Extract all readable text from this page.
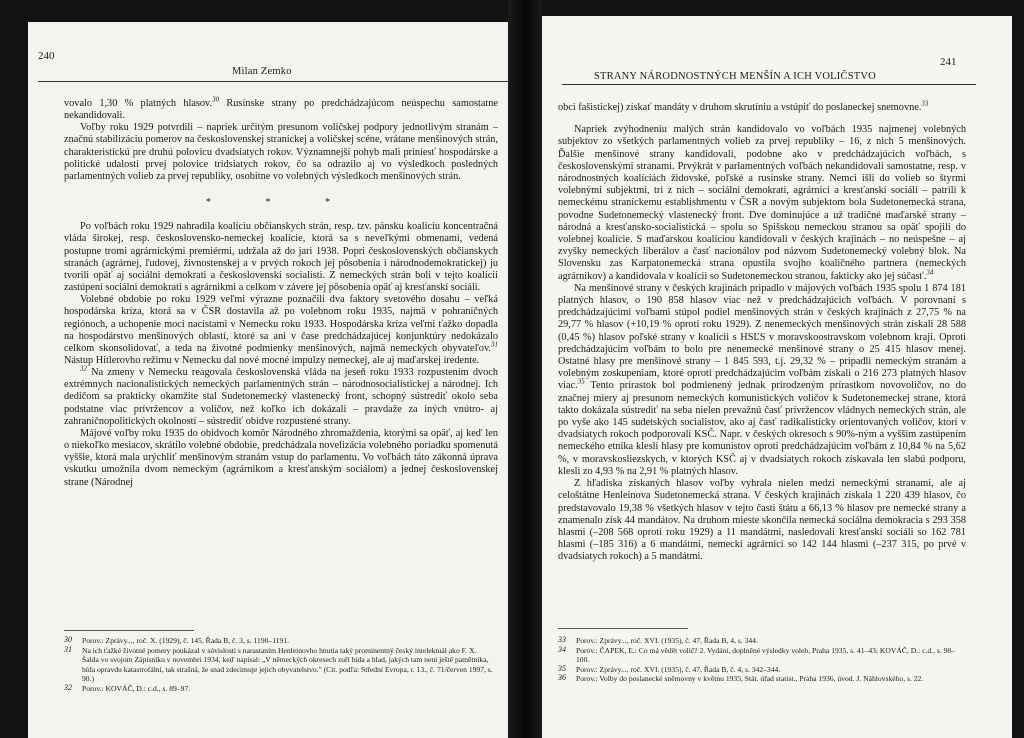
240
Milan Zemko

vovalo 1,30 % platných hlasov.$^{30}$ Rusínske strany po predchádzajúcom neúspechu samostatne nekandidovali.

Voľby roku 1929 potvrdili – napriek určitým presunom voličskej podpory jednotlivým stranám – značnú stabilizáciu pomerov na československej straníckej a voličskej scéne, vrátane menšinových strán, charakteristickú pre druhú polovicu dvadsiatych rokov. Významnejší pohyb mali priniesť hospodárske a politické udalosti prvej polovice tridsiatych rokov, čo sa odrazilo aj vo výsledkoch posledných parlamentných volieb za prvej republiky, osobitne vo volebných výsledkoch menšinových strán.

* * *

Po voľbách roku 1929 nahradila koalíciu občianskych strán, resp. tzv. pánsku koalíciu koncentračná vláda širokej, resp. československo-nemeckej koalície, ktorá sa s neveľkými obmenami, vedená postupne tromi agrárnickými premiérmi, udržala až do jari 1938. Popri československých občianskych stranách (agrárnej, ľudovej, živnostenskej a v prvých rokoch jej pôsobenia i národnodemokratickej) ju tvorili opäť aj sociálni demokrati a československí socialisti. Z nemeckých strán boli v tejto koalícii zastúpení sociálni demokrati s agrárnikmi a celkom v závere jej pôsobenia opäť aj kresťanskí sociáli.

Volebné obdobie po roku 1929 veľmi výrazne poznačili dva faktory svetového dosahu – veľká hospodárska kríza, ktorá sa v ČSR dostavila až po volebnom roku 1935, najmä v pohraničných regiónoch, a uchopenie moci nacistami v Nemecku roku 1933. Hospodárska kríza veľmi ťažko dopadla na hospodárstvo menšinových oblastí, ktoré sa ani v čase predchádzajúcej konjunktúry nedokázalo celkom skonsolidovať, a teda na životné podmienky menšinových, najmä nemeckých obyvateľov.$^{31}$ Nástup Hitlerovho režimu v Nemecku dal nové mocné impulzy nemeckej, ale aj maďarskej iredente.

$^{32}$ Na zmeny v Nemecku reagovala československá vláda na jeseň roku 1933 rozpustením dvoch extrémnych nacionalistických nemeckých parlamentných strán – národnosocialistickej a národnej. Ich dedičom sa prakticky okamžite stal Sudetonemecký vlastenecký front, schopný sústrediť okolo seba podstatne viac prívržencov a voličov, než koľko ich dokázali – pravdaže za iných vnútro- aj zahraničnopolitických okolností – sústrediť obidve rozpustené strany.

Májové voľby roku 1935 do obidvoch komôr Národného zhromaždenia, ktorými sa opäť, aj keď len o niekoľko mesiacov, skrátilo volebné obdobie, predchádzala novelizácia volebného poriadku spomenutá vyššie, ktorá mala urýchliť menšinovým stranám vstup do parlamentu. Vo voľbách táto zákonná úprava vskutku umožnila dvom nemeckým (agrárnikom a kresťanským sociálom) a jednej československej strane (Národnej

30 Porov.: Zprávy..., roč. X. (1929), č. 145, Řada B, č. 3, s. 1190–1191.
31 Na ich ťažké životné pomery poukázal v súvislosti s narastaním Henleinovho hnutia taký prominentný český intelektuál ako F. X. Šalda vo svojom Zápisníku v novembri 1934, keď napísal: „V německých okresech zuří bída a hlad, jakých tam není ještě pamětníka, bída opravdu katastrofální, tak strašná, že snad zdecimuje jejich obyvatelstvo." (Cit. podľa: Střední Evropa, r. 13., č. 71/červen 1997, s. 90.)
32 Porov.: KOVÁČ, D.: c.d., s. 89–97.
241
STRANY NÁRODNOSTNÝCH MENŠÍN A ICH VOLIČSTVO

obci fašistickej) získať mandáty v druhom skrutíniu a vstúpiť do poslaneckej snemovne.$^{33}$

Napriek zvýhodneniu malých strán kandidovalo vo voľbách 1935 najmenej volebných subjektov zo všetkých parlamentných volieb za prvej republiky – 16, z nich 5 menšinových. Ďalšie menšinové strany kandidovali, podobne ako v predchádzajúcich voľbách, s československými stranami. Prvýkrát v parlamentných voľbách nekandidovali samostatne, resp. v národnostných koalíciách židovské, poľské a rusínske strany. Nemci išli do volieb so štyrmi volebnými subjektmi, tri z nich – sociálni demokrati, agrárnici a kresťanskí sociáli – patrili k nemeckému straníckemu establishmentu v ČSR a novým subjektom bola Sudetonemecká strana, povodne Sudetonemecký vlastenecký front. Dve dominujúce a už tradičné maďarské strany – národná a kresťansko-socialistická – spolu so Spišskou nemeckou stranou sa opäť spojili do volebnej koalície. S maďarskou koalíciou kandidovali v českých krajinách – no neúspešne – aj zvyšky nemeckých liberálov a časť nacionálov pod názvom Sudetonemecký volebný blok. Na Slovensku zas Karpatonemecká strana opustila svojho koaličného partnera (nemeckých agrárnikov) a kandidovala v koalícii so Sudetonemeckou stranou, fakticky ako jej súčasť.$^{34}$

Na menšinové strany v českých krajinách pripadlo v májových voľbách 1935 spolu 1 874 181 platných hlasov, o 190 858 hlasov viac než v predchádzajúcich voľbách. V porovnaní s predchádzajúcimi voľbami stúpol podiel menšinových strán v českých krajinách z 27,75 % na 29,77 % hlasov (+10,19 % oproti roku 1929). Z nenemeckých menšinových strán získali 28 588 (0,45 %) hlasov poľské strany v koalícii s HSĽS v moravskoostravskom volebnom kraji. Oproti predchádzajúcim voľbám to bolo pre nenemecké menšinové strany o 25 415 hlasov menej. Ostatné hlasy pre menšinové strany – 1 845 593, t.j. 29,32 % – pripadli nemeckým stranám a volebným zoskupeniam, ktoré oproti predchádzajúcim voľbám získali o 216 273 platných hlasov viac.$^{35}$ Tento prírastok bol podmienený jednak prirodzeným prírastkom novovoličov, no do značnej miery aj presunom nemeckých komunistických voličov k Sudetonemeckej strane, ktorá takto dokázala sústrediť na seba nielen prevažnú časť prívržencov vládnych nemeckých strán, ale po vyše ako 145 sudetských socialistov, ako aj časť radikalisticky orientovaných voličov, ktorí v dvadsiatych rokoch podporovali KSČ. Napr. v českých okresoch s 90%-ným a vyšším zastúpením nemeckého etnika klesli hlasy pre komunistov oproti predchádzajúcim voľbám z 10,84 % na 5,62 %, v moravskosliezskych, v ktorých KSČ aj v dvadsiatych rokoch získavala len slabú podporu, klesli zo 4,93 % na 2,91 % platných hlasov.

Z hľadiska získaných hlasov voľby vyhrala nielen medzi nemeckými stranami, ale aj celoštátne Henleinova Sudetonemecká strana. V českých krajinách získala 1 220 439 hlasov, čo predstavovalo 19,38 % všetkých hlasov v tejto časti štátu a 66,13 % hlasov pre nemecké strany a znamenalo zisk 44 mandátov. Na druhom mieste skončila nemecká sociálna demokracia s 293 358 hlasmi (–208 568 oproti roku 1929) a 11 mandátmi, nasledovali kresťanskí sociáli so 162 781 hlasmi (–185 316) a 6 mandátmi, nemeckí agrárnici so 142 144 hlasmi (–237 315, po prvé v dvadsiatych rokoch) a 5 mandátmi.

33 Porov.: Zprávy..., roč. XVI. (1935), č. 47, Řada B, 4, s. 344.
34 Porov.: ČAPEK, E.: Co má vědět volič? 2. Vydání, doplněné výsledky voleb, Praha 1935, s. 41–43; KOVÁČ, D.: c.d., s. 98–100.
35 Porov.: Zprávy..., roč. XVI. (1935), č. 47, Řada B, č. 4, s. 342–344.
36 Porov.: Volby do poslanecké sněmovny v květnu 1935, Stát. úřad statist., Praha 1936, úvod. J. Náhlovského, s. 22.
